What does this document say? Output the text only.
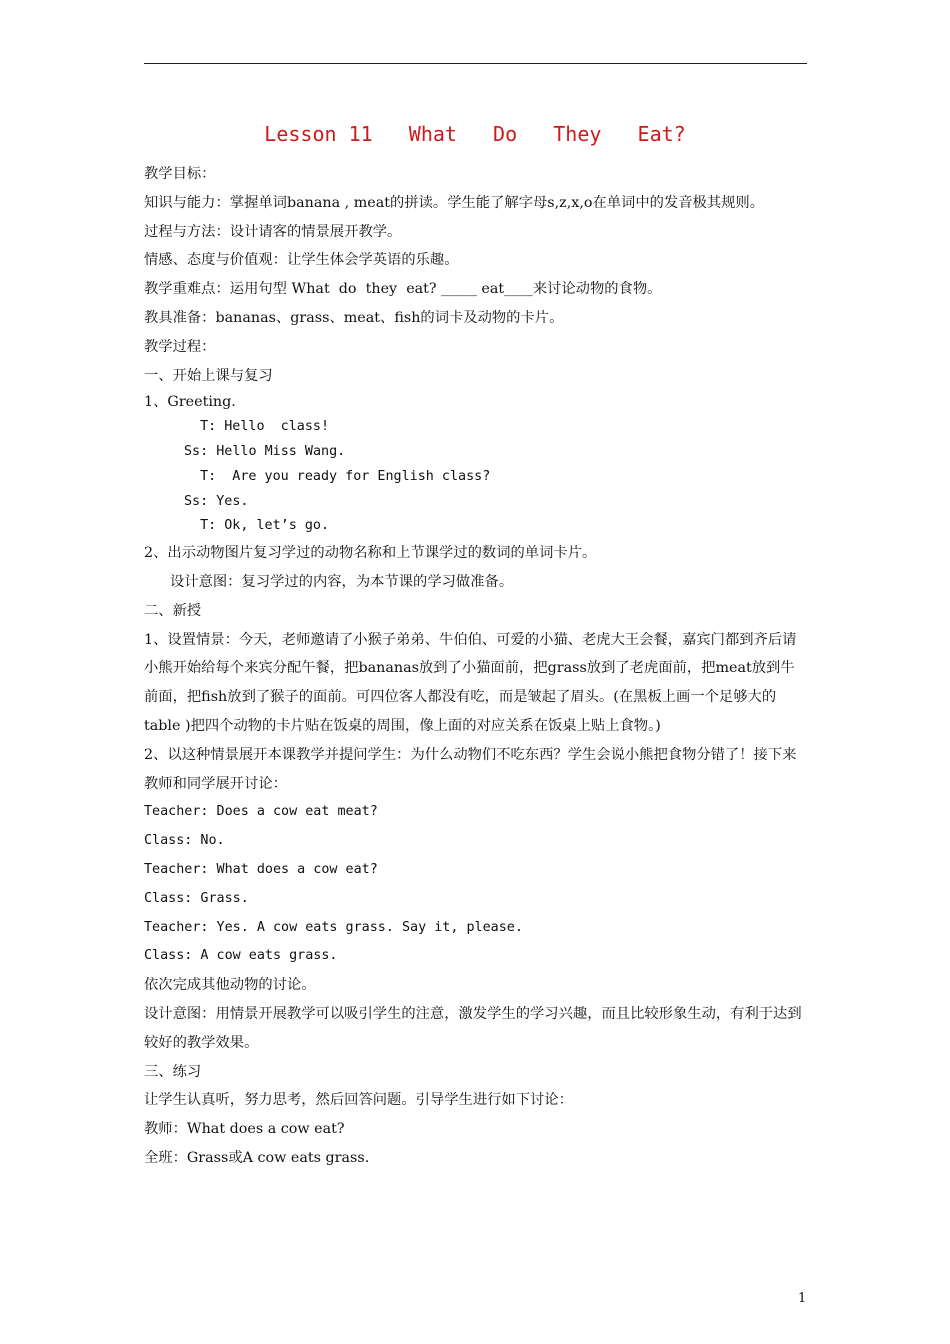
Lesson 11   What   Do   They   Eat?

教学目标：

知识与能力：掌握单词banana , meat的拼读。学生能了解字母s,z,x,o在单词中的发音极其规则。

过程与方法：设计请客的情景展开教学。

情感、态度与价值观：让学生体会学英语的乐趣。

教学重难点：运用句型 What  do  they  eat? _____ eat____来讨论动物的食物。

教具准备：bananas、grass、meat、fish的词卡及动物的卡片。

教学过程：

一、开始上课与复习

1、Greeting.

T: Hello  class!

Ss: Hello Miss Wang.

T:  Are you ready for English class?

Ss: Yes.

T: Ok, let’s go.

2、出示动物图片复习学过的动物名称和上节课学过的数词的单词卡片。

设计意图：复习学过的内容，为本节课的学习做准备。

二、新授

1、设置情景：今天，老师邀请了小猴子弟弟、牛伯伯、可爱的小猫、老虎大王会餐，嘉宾门都到齐后请小熊开始给每个来宾分配午餐，把bananas放到了小猫面前，把grass放到了老虎面前，把meat放到牛前面，把fish放到了猴子的面前。可四位客人都没有吃，而是皱起了眉头。(在黑板上画一个足够大的table )把四个动物的卡片贴在饭桌的周围，像上面的对应关系在饭桌上贴上食物。)

2、以这种情景展开本课教学并提问学生：为什么动物们不吃东西？学生会说小熊把食物分错了！接下来教师和同学展开讨论：

Teacher: Does a cow eat meat?

Class: No.

Teacher: What does a cow eat?

Class: Grass.

Teacher: Yes. A cow eats grass. Say it, please.

Class: A cow eats grass.

依次完成其他动物的讨论。

设计意图：用情景开展教学可以吸引学生的注意，激发学生的学习兴趣，而且比较形象生动，有利于达到较好的教学效果。

三、练习

让学生认真听，努力思考，然后回答问题。引导学生进行如下讨论：

教师：What does a cow eat?

全班：Grass或A cow eats grass.

1
